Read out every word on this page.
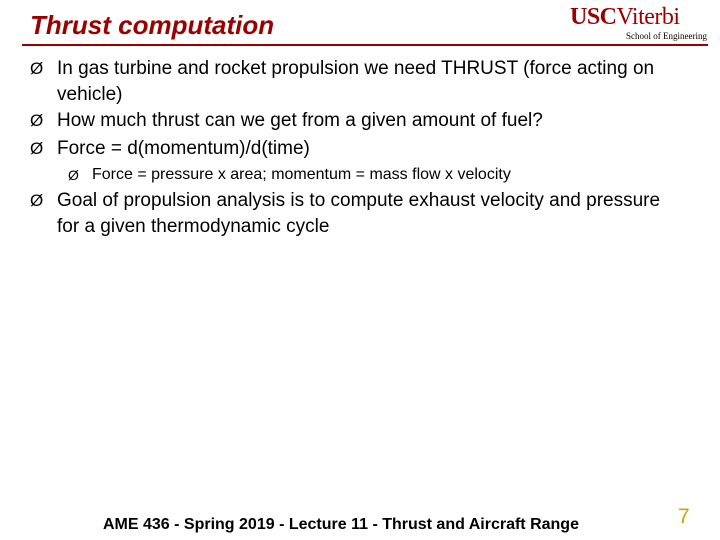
Thrust computation	USCViterbi
School of Engineering
Ø In gas turbine and rocket propulsion we need THRUST (force acting on vehicle)
Ø How much thrust can we get from a given amount of fuel?
Ø Force = d(momentum)/d(time)
Ø Force = pressure x area; momentum = mass flow x velocity
Ø Goal of propulsion analysis is to compute exhaust velocity and pressure for a given thermodynamic cycle
AME 436 - Spring 2019 - Lecture 11 - Thrust and Aircraft Range	7
